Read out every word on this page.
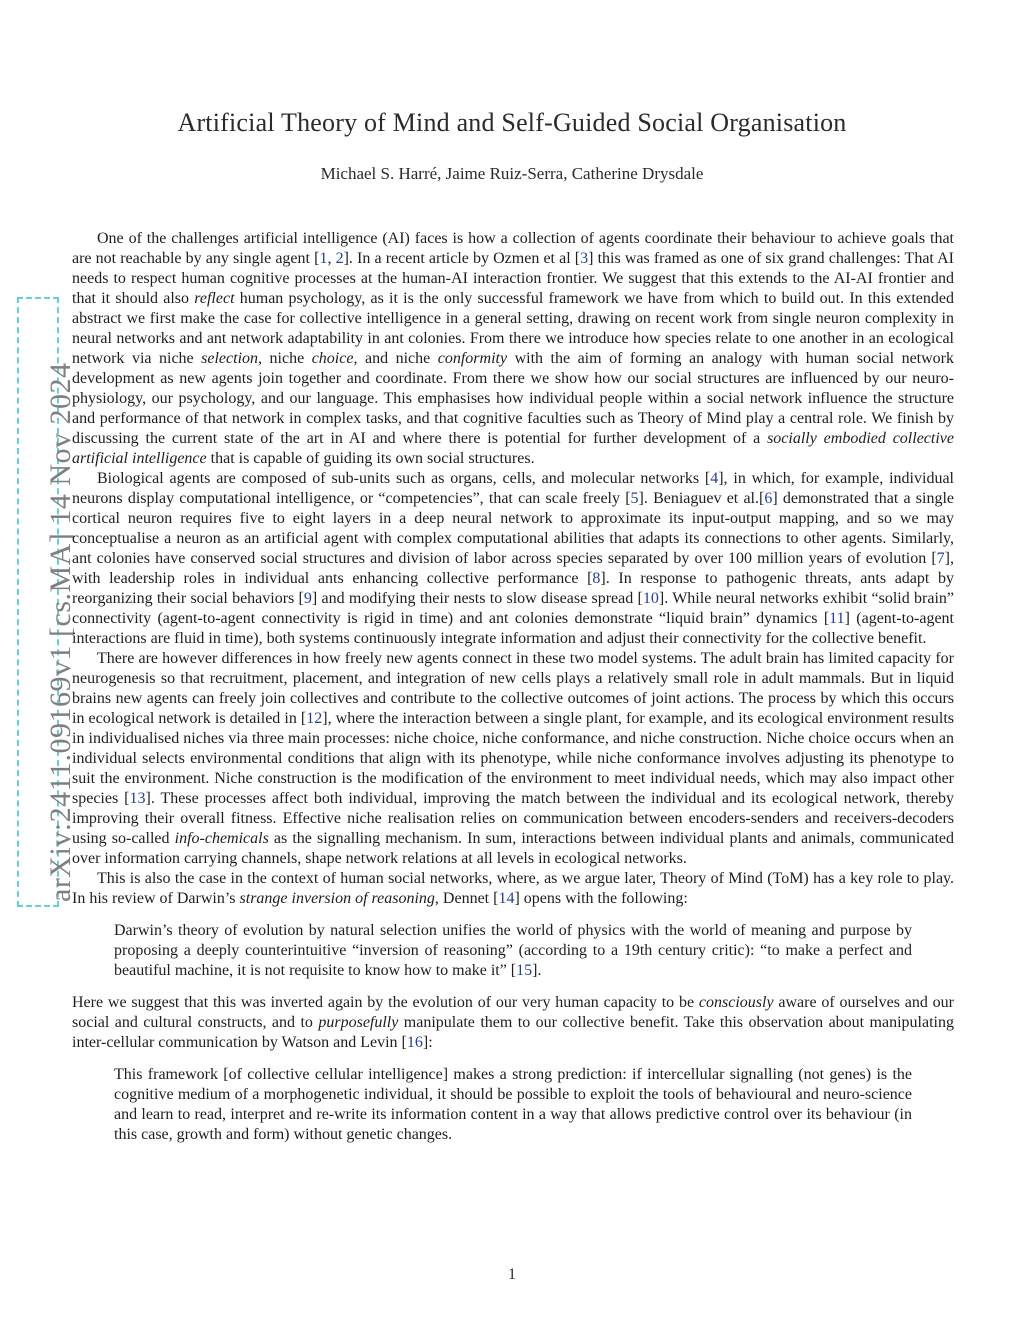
arXiv:2411.09169v1 [cs.MA] 14 Nov 2024
Artificial Theory of Mind and Self-Guided Social Organisation
Michael S. Harré, Jaime Ruiz-Serra, Catherine Drysdale

One of the challenges artificial intelligence (AI) faces is how a collection of agents coordinate their behaviour to achieve goals that are not reachable by any single agent [1, 2]. In a recent article by Ozmen et al [3] this was framed as one of six grand challenges: That AI needs to respect human cognitive processes at the human-AI interaction frontier. We suggest that this extends to the AI-AI frontier and that it should also reflect human psychology, as it is the only successful framework we have from which to build out. In this extended abstract we first make the case for collective intelligence in a general setting, drawing on recent work from single neuron complexity in neural networks and ant network adaptability in ant colonies. From there we introduce how species relate to one another in an ecological network via niche selection, niche choice, and niche conformity with the aim of forming an analogy with human social network development as new agents join together and coordinate. From there we show how our social structures are influenced by our neuro-physiology, our psychology, and our language. This emphasises how individual people within a social network influence the structure and performance of that network in complex tasks, and that cognitive faculties such as Theory of Mind play a central role. We finish by discussing the current state of the art in AI and where there is potential for further development of a socially embodied collective artificial intelligence that is capable of guiding its own social structures.

Biological agents are composed of sub-units such as organs, cells, and molecular networks [4], in which, for example, individual neurons display computational intelligence, or “competencies”, that can scale freely [5]. Beniaguev et al.[6] demonstrated that a single cortical neuron requires five to eight layers in a deep neural network to approximate its input-output mapping, and so we may conceptualise a neuron as an artificial agent with complex computational abilities that adapts its connections to other agents. Similarly, ant colonies have conserved social structures and division of labor across species separated by over 100 million years of evolution [7], with leadership roles in individual ants enhancing collective performance [8]. In response to pathogenic threats, ants adapt by reorganizing their social behaviors [9] and modifying their nests to slow disease spread [10]. While neural networks exhibit “solid brain” connectivity (agent-to-agent connectivity is rigid in time) and ant colonies demonstrate “liquid brain” dynamics [11] (agent-to-agent interactions are fluid in time), both systems continuously integrate information and adjust their connectivity for the collective benefit.

There are however differences in how freely new agents connect in these two model systems. The adult brain has limited capacity for neurogenesis so that recruitment, placement, and integration of new cells plays a relatively small role in adult mammals. But in liquid brains new agents can freely join collectives and contribute to the collective outcomes of joint actions. The process by which this occurs in ecological network is detailed in [12], where the interaction between a single plant, for example, and its ecological environment results in individualised niches via three main processes: niche choice, niche conformance, and niche construction. Niche choice occurs when an individual selects environmental conditions that align with its phenotype, while niche conformance involves adjusting its phenotype to suit the environment. Niche construction is the modification of the environment to meet individual needs, which may also impact other species [13]. These processes affect both individual, improving the match between the individual and its ecological network, thereby improving their overall fitness. Effective niche realisation relies on communication between encoders-senders and receivers-decoders using so-called info-chemicals as the signalling mechanism. In sum, interactions between individual plants and animals, communicated over information carrying channels, shape network relations at all levels in ecological networks.

This is also the case in the context of human social networks, where, as we argue later, Theory of Mind (ToM) has a key role to play. In his review of Darwin’s strange inversion of reasoning, Dennet [14] opens with the following:

Darwin’s theory of evolution by natural selection unifies the world of physics with the world of meaning and purpose by proposing a deeply counterintuitive “inversion of reasoning” (according to a 19th century critic): “to make a perfect and beautiful machine, it is not requisite to know how to make it” [15].

Here we suggest that this was inverted again by the evolution of our very human capacity to be consciously aware of ourselves and our social and cultural constructs, and to purposefully manipulate them to our collective benefit. Take this observation about manipulating inter-cellular communication by Watson and Levin [16]:

This framework [of collective cellular intelligence] makes a strong prediction: if intercellular signalling (not genes) is the cognitive medium of a morphogenetic individual, it should be possible to exploit the tools of behavioural and neuro-science and learn to read, interpret and re-write its information content in a way that allows predictive control over its behaviour (in this case, growth and form) without genetic changes.

1
